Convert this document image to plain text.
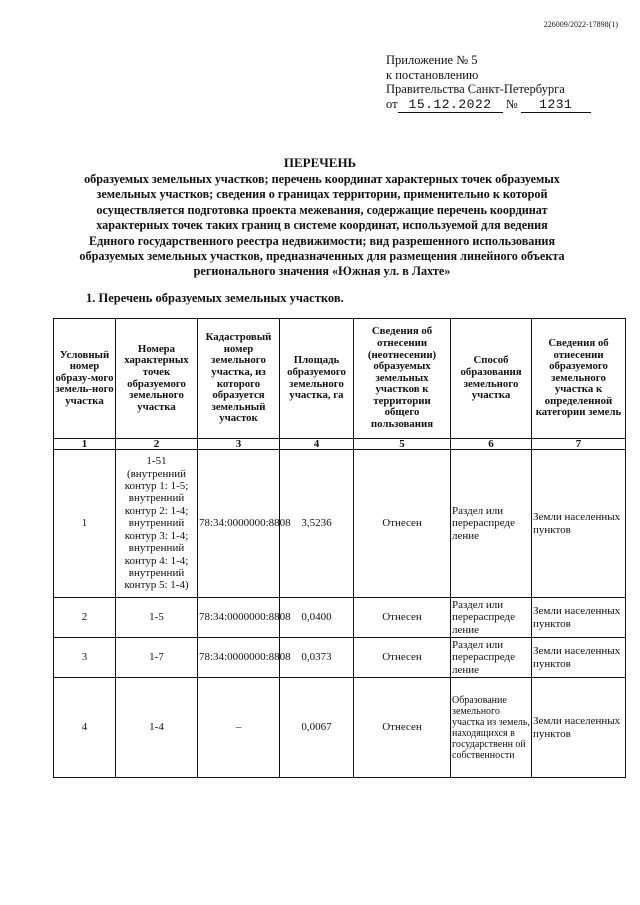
226009/2022-17898(1)
Приложение № 5
к постановлению
Правительства Санкт-Петербурга
от 15.12.2022 № 1231
ПЕРЕЧЕНЬ
образуемых земельных участков; перечень координат характерных точек образуемых земельных участков; сведения о границах территории, применительно к которой осуществляется подготовка проекта межевания, содержащие перечень координат характерных точек таких границ в системе координат, используемой для ведения Единого государственного реестра недвижимости; вид разрешенного использования образуемых земельных участков, предназначенных для размещения линейного объекта регионального значения «Южная ул. в Лахте»
1. Перечень образуемых земельных участков.
Условный номер образу-мого земель-ного участка	Номера характерных точек образуемого земельного участка	Кадастровый номер земельного участка, из которого образуется земельный участок	Площадь образуемого земельного участка, га	Сведения об отнесении (неотнесении) образуемых земельных участков к территории общего пользования	Способ образования земельного участка	Сведения об отнесении образуемого земельного участка к определенной категории земель
1	2	3	4	5	6	7
1	1-51 (внутренний контур 1: 1-5; внутренний контур 2: 1-4; внутренний контур 3: 1-4; внутренний контур 4: 1-4; внутренний контур 5: 1-4)	78:34:0000000:8808	3,5236	Отнесен	Раздел или перераспреде ление	Земли населенных пунктов
2	1-5	78:34:0000000:8808	0,0400	Отнесен	Раздел или перераспреде ление	Земли населенных пунктов
3	1-7	78:34:0000000:8808	0,0373	Отнесен	Раздел или перераспреде ление	Земли населенных пунктов
4	1-4	–	0,0067	Отнесен	Образование земельного участка из земель, находящихся в государственн ой собственности	Земли населенных пунктов
